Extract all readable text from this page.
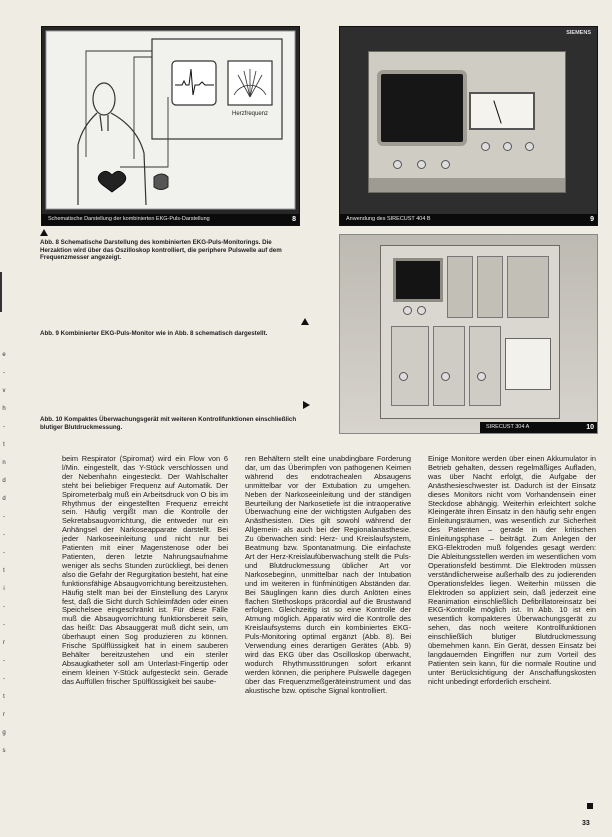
e
-
v
h
-
t
n
d
d
-
-
-
t
i
-
-
r
-
-
t
r
g
s
Herzfrequenz
Schematische Darstellung der kombinierten EKG-Puls-Darstellung	8
SIEMENS
Anwendung des SIRECUST 404 B	9
Abb. 8 Schematische Darstellung des kombinierten EKG-Puls-Monitorings. Die Herzaktion wird über das Oszilloskop kontrolliert, die periphere Pulswelle auf dem Frequenzmesser angezeigt.
Abb. 9 Kombinierter EKG-Puls-Monitor wie in Abb. 8 schematisch dargestellt.
Abb. 10 Kompaktes Überwachungsgerät mit weiteren Kontrollfunktionen einschließlich blutiger Blutdruckmessung.	SIRECUST 304 A	10

beim Respirator (Spiromat) wird ein Flow von 6 l/Min. eingestellt, das Y-Stück verschlossen und der Nebenhahn eingesteckt. Der Wahlschalter steht bei beliebiger Frequenz auf Automatik. Der Spirometerbalg muß ein Arbeitsdruck von O bis im Rhythmus der eingestellten Frequenz erreicht sein. Häufig vergißt man die Kontrolle der Sekretabsaugvorrichtung, die entweder nur ein Anhängsel der Narkoseapparate darstellt. Bei jeder Narkoseeinleitung und nicht nur bei Patienten mit einer Magenstenose oder bei Patienten, deren letzte Nahrungsaufnahme weniger als sechs Stunden zurückliegt, bei denen also die Gefahr der Regurgitation besteht, hat eine funktionsfähige Absaugvorrichtung bereitzustehen. Häufig stellt man bei der Einstellung des Larynx fest, daß die Sicht durch Schleimfäden oder einen Speichelsee eingeschränkt ist. Für diese Fälle muß die Absaugvorrichtung funktionsbereit sein, das heißt: Das Absauggerät muß dicht sein, um überhaupt einen Sog produzieren zu können. Frische Spülflüssigkeit hat in einem sauberen Behälter bereitzustehen und ein steriler Absaugkatheter soll am Unterlast-Fingertip oder einem kleinen Y-Stück aufgesteckt sein. Gerade das Auffüllen frischer Spülflüssigkeit bei saube-

ren Behältern stellt eine unabdingbare Forderung dar, um das Überimpfen von pathogenen Keimen während des endotrachealen Absaugens unmittelbar vor der Extubation zu umgehen. Neben der Narkoseeinleitung und der ständigen Beurteilung der Narkosetiefe ist die intraoperative Überwachung eine der wichtigsten Aufgaben des Anästhesisten. Dies gilt sowohl während der Allgemein- als auch bei der Regionalanästhesie. Zu überwachen sind: Herz- und Kreislaufsystem, Beatmung bzw. Spontanatmung. Die einfachste Art der Herz-Kreislaufüberwachung stellt die Puls- und Blutdruckmessung üblicher Art vor Narkosebeginn, unmittelbar nach der Intubation und im weiteren in fünfminütigen Abständen dar. Bei Säuglingen kann dies durch Anlöten eines flachen Stethoskops präcordial auf die Brustwand erfolgen. Gleichzeitig ist so eine Kontrolle der Atmung möglich. Apparativ wird die Kontrolle des Kreislaufsystems durch ein kombiniertes EKG-Puls-Monitoring optimal ergänzt (Abb. 8). Bei Verwendung eines derartigen Gerätes (Abb. 9) wird das EKG über das Oscilloskop überwacht, wodurch Rhythmusstörungen sofort erkannt werden können, die periphere Pulswelle dagegen über das Frequenzmeßgeräteinstrument und das akustische bzw. optische Signal kontrolliert.

Einige Monitore werden über einen Akkumulator in Betrieb gehalten, dessen regelmäßiges Aufladen, was über Nacht erfolgt, die Aufgabe der Anästhesieschwester ist. Dadurch ist der Einsatz dieses Monitors nicht vom Vorhandensein einer Steckdose abhängig. Weiterhin erleichtert solche Kleingeräte ihren Einsatz in den häufig sehr engen Einleitungsräumen, was wesentlich zur Sicherheit des Patienten – gerade in der kritischen Einleitungsphase – beiträgt. Zum Anlegen der EKG-Elektroden muß folgendes gesagt werden: Die Ableitungsstellen werden im wesentlichen vom Operationsfeld bestimmt. Die Elektroden müssen verständlicherweise außerhalb des zu jodierenden Operationsfeldes liegen. Weiterhin müssen die Elektroden so appliziert sein, daß jederzeit eine Reanimation einschließlich Defibrillatoreinsatz bei EKG-Kontrolle möglich ist. In Abb. 10 ist ein wesentlich kompakteres Überwachungsgerät zu sehen, das noch weitere Kontrollfunktionen einschließlich blutiger Blutdruckmessung übernehmen kann. Ein Gerät, dessen Einsatz bei langdauernden Eingriffen nur zum Vorteil des Patienten sein kann, für die normale Routine und unter Berücksichtigung der Anschaffungskosten nicht unbedingt erforderlich erscheint.

33
